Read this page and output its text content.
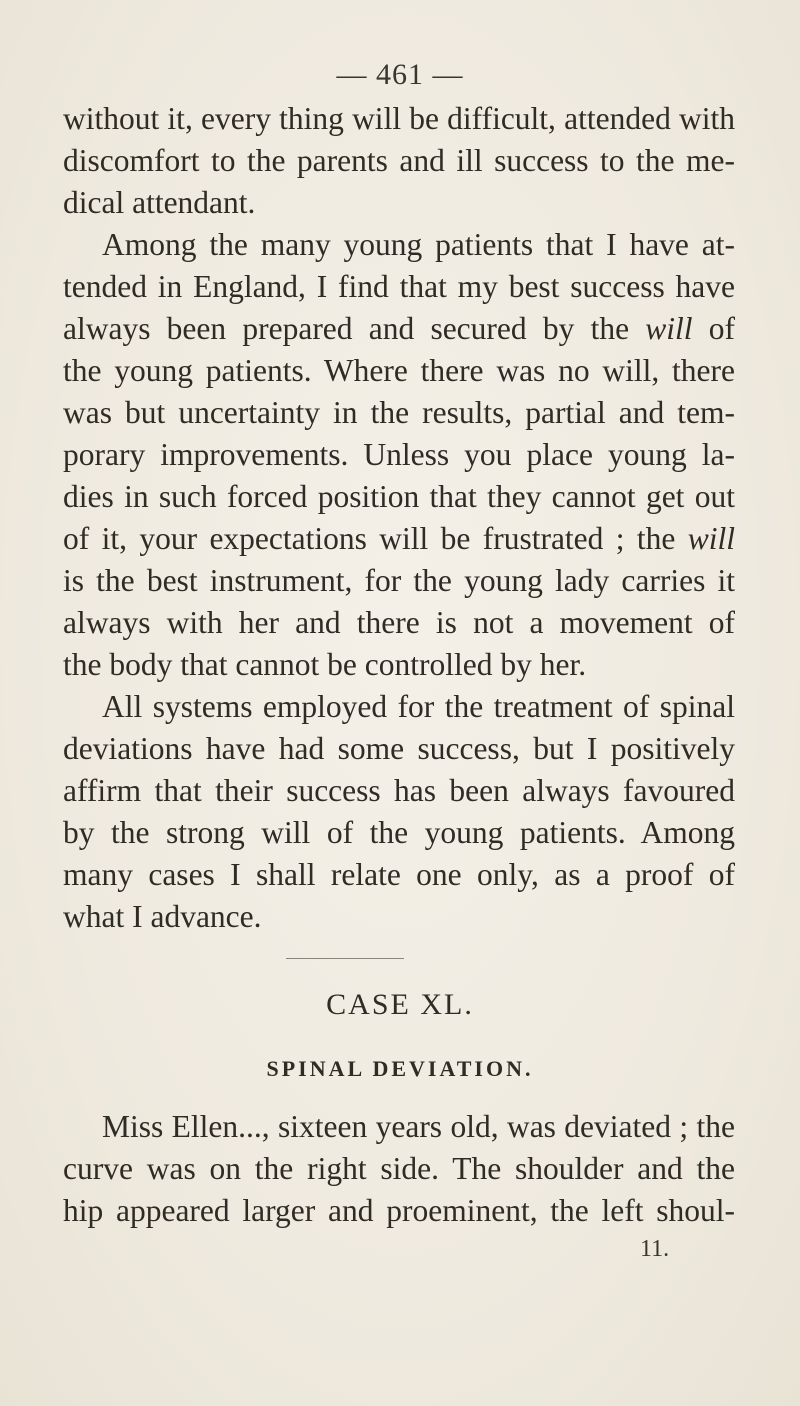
— 461 —
without it, every thing will be difficult, attended with
discomfort to the parents and ill success to the me-
dical attendant.
Among the many young patients that I have at-
tended in England, I find that my best success have
always been prepared and secured by the will of
the young patients. Where there was no will, there
was but uncertainty in the results, partial and tem-
porary improvements. Unless you place young la-
dies in such forced position that they cannot get out
of it, your expectations will be frustrated ; the will
is the best instrument, for the young lady carries it
always with her and there is not a movement of
the body that cannot be controlled by her.
All systems employed for the treatment of spinal
deviations have had some success, but I positively
affirm that their success has been always favoured
by the strong will of the young patients. Among
many cases I shall relate one only, as a proof of
what I advance.
CASE XL.
SPINAL DEVIATION.
Miss Ellen..., sixteen years old, was deviated ; the
curve was on the right side. The shoulder and the
hip appeared larger and proeminent, the left shoul-
11.
